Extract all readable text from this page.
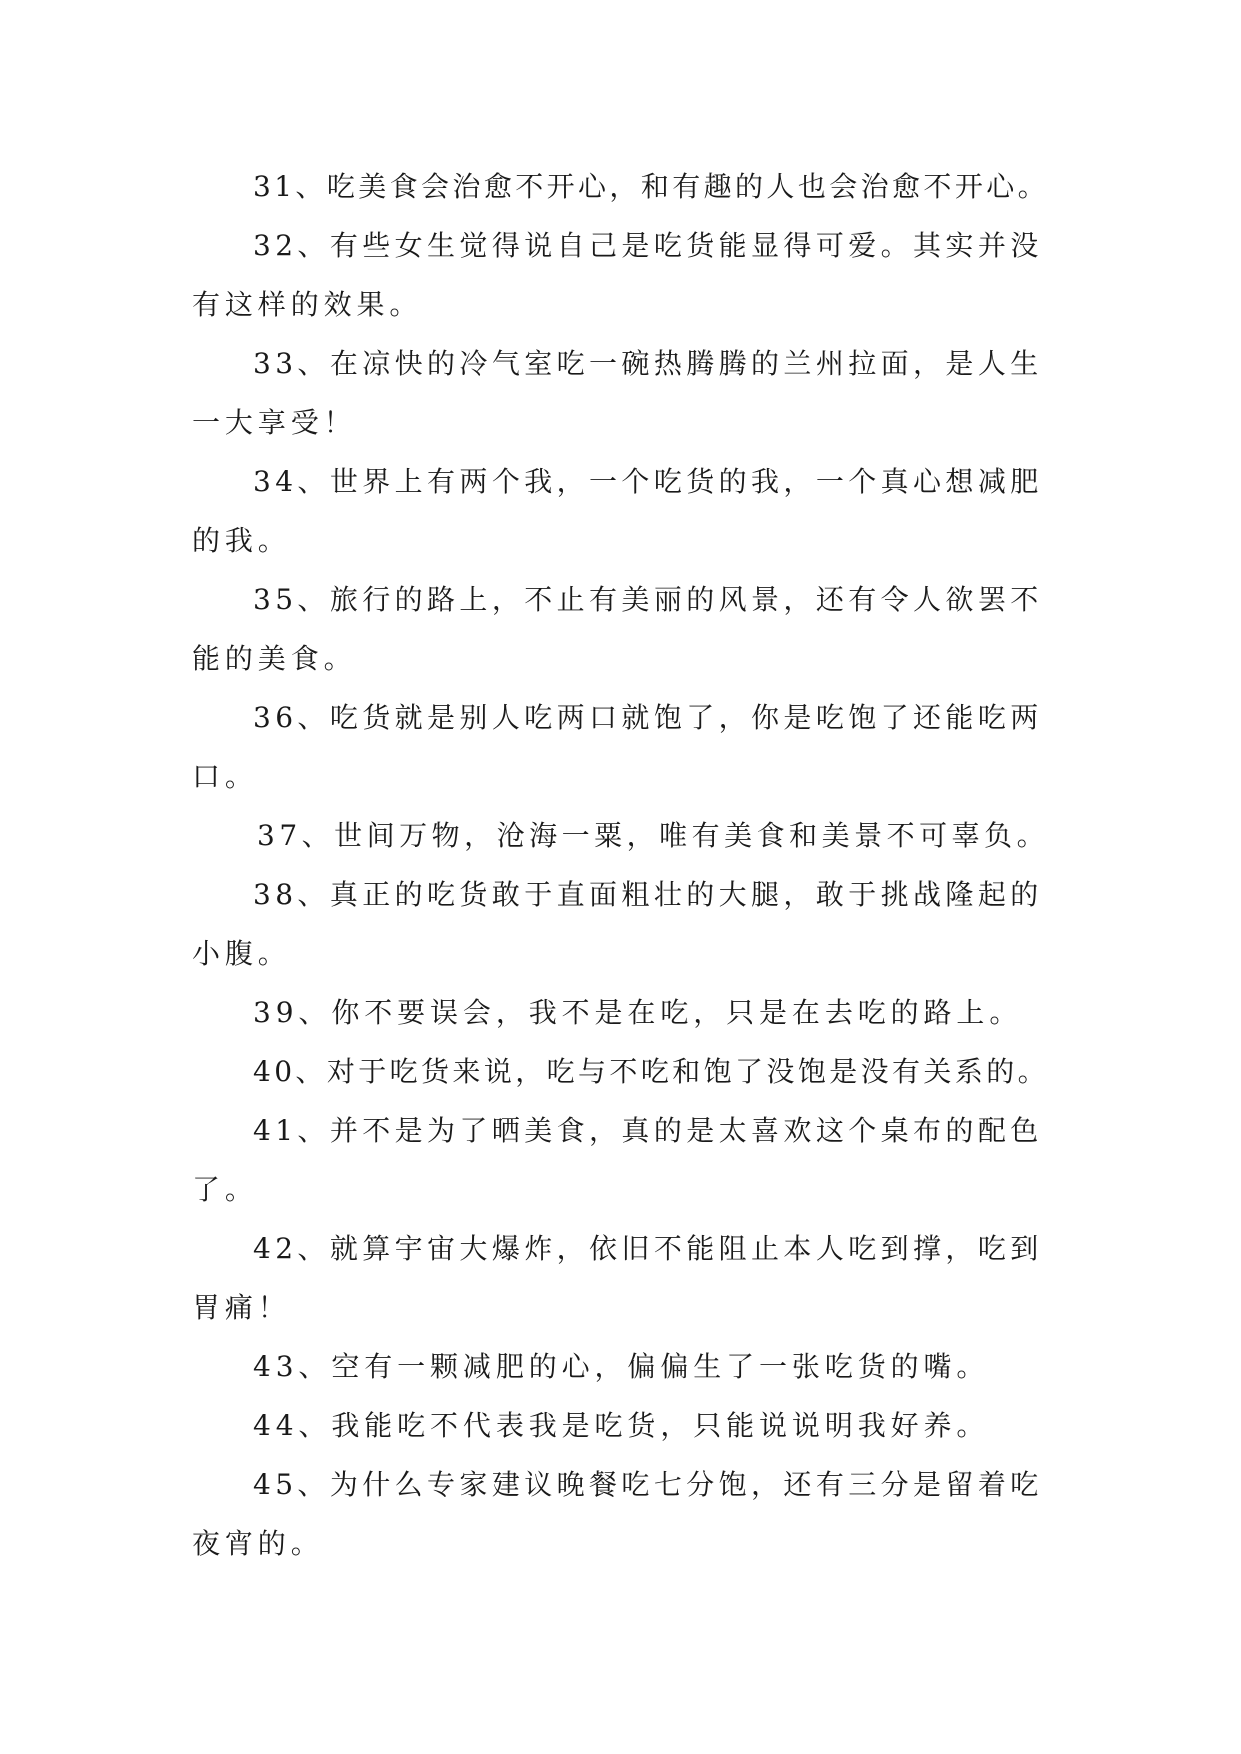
31、吃美食会治愈不开心，和有趣的人也会治愈不开心。
32、有些女生觉得说自己是吃货能显得可爱。其实并没
有这样的效果。
33、在凉快的冷气室吃一碗热腾腾的兰州拉面，是人生
一大享受！
34、世界上有两个我，一个吃货的我，一个真心想减肥
的我。
35、旅行的路上，不止有美丽的风景，还有令人欲罢不
能的美食。
36、吃货就是别人吃两口就饱了，你是吃饱了还能吃两
口。
37、世间万物，沧海一粟，唯有美食和美景不可辜负。
38、真正的吃货敢于直面粗壮的大腿，敢于挑战隆起的
小腹。
39、你不要误会，我不是在吃，只是在去吃的路上。
40、对于吃货来说，吃与不吃和饱了没饱是没有关系的。
41、并不是为了晒美食，真的是太喜欢这个桌布的配色
了。
42、就算宇宙大爆炸，依旧不能阻止本人吃到撑，吃到
胃痛！
43、空有一颗减肥的心，偏偏生了一张吃货的嘴。
44、我能吃不代表我是吃货，只能说说明我好养。
45、为什么专家建议晚餐吃七分饱，还有三分是留着吃
夜宵的。
